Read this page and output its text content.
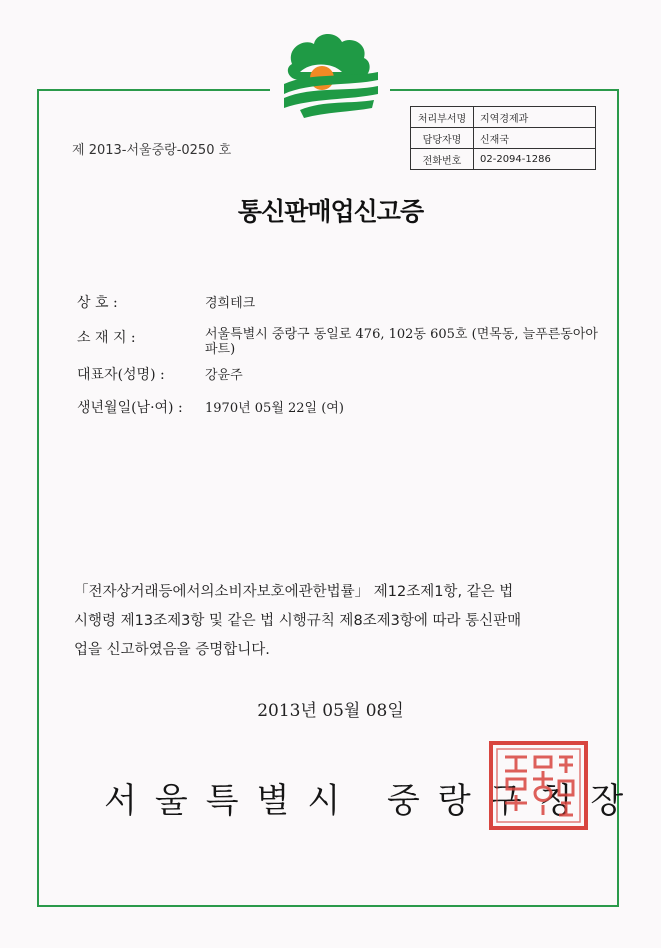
제 2013-서울중랑-0250 호
처리부서명	지역경제과
담당자명	신재국
전화번호	02-2094-1286
통신판매업신고증
상 호 :	경희테크
소 재 지 :	서울특별시 중랑구 동일로 476, 102동 605호 (면목동, 늘푸른동아아파트)
대표자(성명) :	강윤주
생년월일(남·여) : 1970년 05월 22일 (여)
「전자상거래등에서의소비자보호에관한법률」 제12조제1항, 같은 법
시행령 제13조제3항 및 같은 법 시행규칙 제8조제3항에 따라 통신판매
업을 신고하였음을 증명합니다.
2013년 05월 08일
서울특별시 중랑구청장
